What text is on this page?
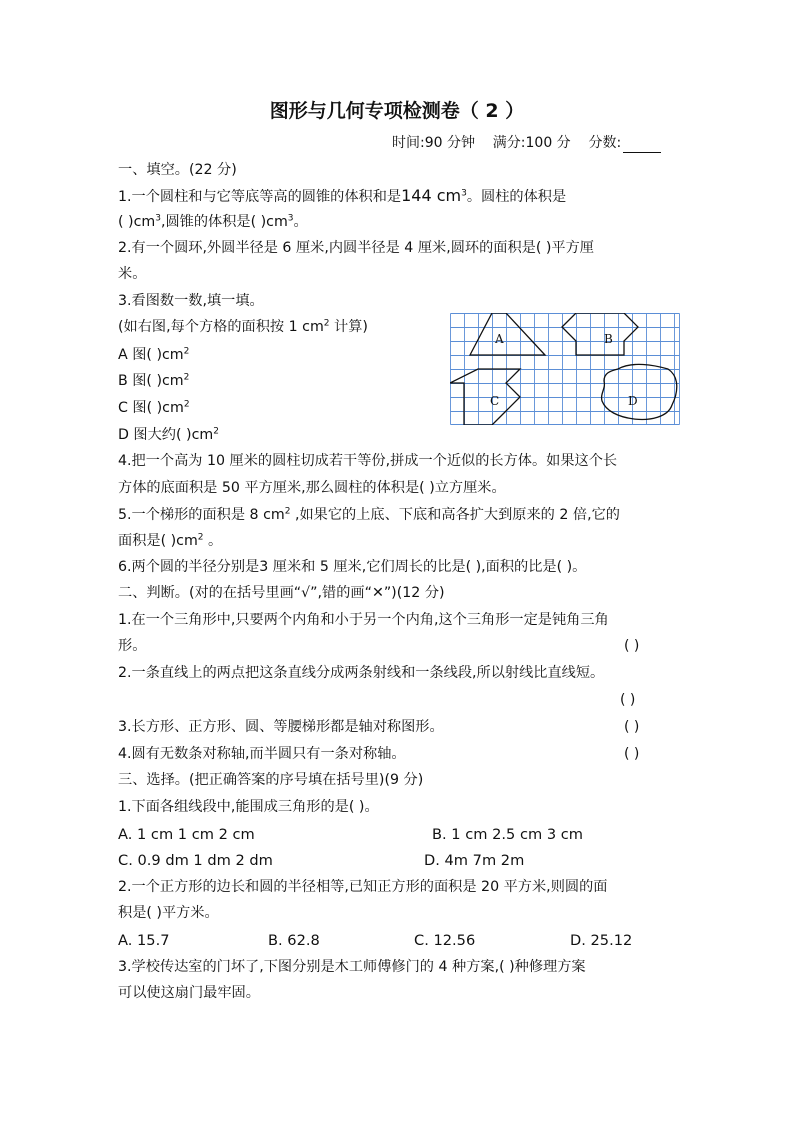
图形与几何专项检测卷（ 2 ）
时间:90 分钟 满分:100 分 分数:
一、填空。(22 分)
1.一个圆柱和与它等底等高的圆锥的体积和是144 $cm^3$。圆柱的体积是
( )$cm^3$,圆锥的体积是( )$cm^3$。
2.有一个圆环,外圆半径是 6 厘米,内圆半径是 4 厘米,圆环的面积是( )平方厘
米。
3.看图数一数,填一填。
(如右图,每个方格的面积按 1 $cm^2$ 计算)
A 图( )$cm^2$
B 图( )$cm^2$
C 图( )$cm^2$
D 图大约( )$cm^2$
4.把一个高为 10 厘米的圆柱切成若干等份,拼成一个近似的长方体。如果这个长
方体的底面积是 50 平方厘米,那么圆柱的体积是( )立方厘米。
5.一个梯形的面积是 8 $cm^2$ ,如果它的上底、下底和高各扩大到原来的 2 倍,它的
面积是( )$cm^2$ 。
6.两个圆的半径分别是3 厘米和 5 厘米,它们周长的比是( ),面积的比是( )。
二、判断。(对的在括号里画“√”,错的画“✕”)(12 分)
1.在一个三角形中,只要两个内角和小于另一个内角,这个三角形一定是钝角三角
形。	( )
2.一条直线上的两点把这条直线分成两条射线和一条线段,所以射线比直线短。
( )
3.长方形、正方形、圆、等腰梯形都是轴对称图形。	( )
4.圆有无数条对称轴,而半圆只有一条对称轴。	( )
三、选择。(把正确答案的序号填在括号里)(9 分)
1.下面各组线段中,能围成三角形的是( )。
A. 1 cm 1 cm 2 cm	B. 1 cm 2.5 cm 3 cm
C. 0.9 dm 1 dm 2 dm	D. 4m 7m 2m
2.一个正方形的边长和圆的半径相等,已知正方形的面积是 20 平方米,则圆的面
积是( )平方米。
A. 15.7	B. 62.8	C. 12.56	D. 25.12
3.学校传达室的门坏了,下图分别是木工师傅修门的 4 种方案,( )种修理方案
可以使这扇门最牢固。
A	B
C	D
